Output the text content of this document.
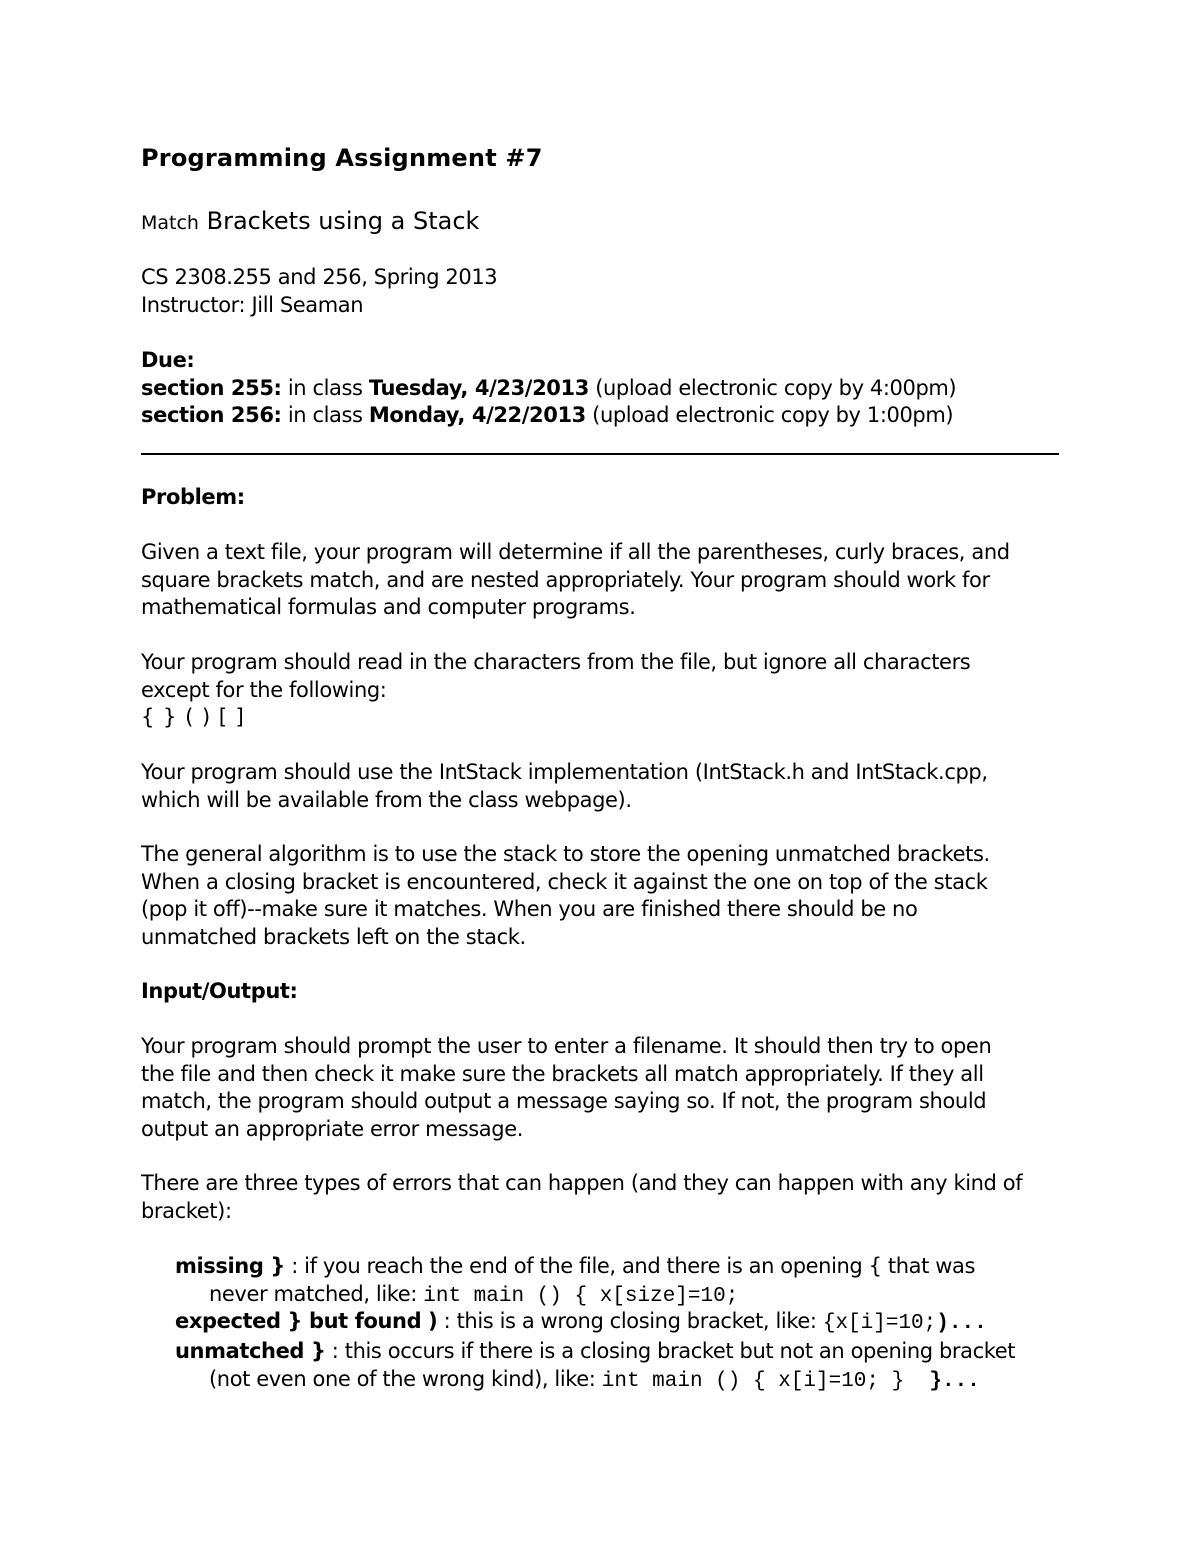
Programming Assignment #7
Match Brackets using a Stack
CS 2308.255 and 256, Spring 2013
Instructor: Jill Seaman
Due:
section 255: in class Tuesday, 4/23/2013 (upload electronic copy by 4:00pm)
section 256: in class Monday, 4/22/2013 (upload electronic copy by 1:00pm)
Problem:
Given a text file, your program will determine if all the parentheses, curly braces, and
square brackets match, and are nested appropriately. Your program should work for
mathematical formulas and computer programs.
Your program should read in the characters from the file, but ignore all characters
except for the following:
{ } ( ) [ ]
Your program should use the IntStack implementation (IntStack.h and IntStack.cpp,
which will be available from the class webpage).
The general algorithm is to use the stack to store the opening unmatched brackets.
When a closing bracket is encountered, check it against the one on top of the stack
(pop it off)--make sure it matches. When you are finished there should be no
unmatched brackets left on the stack.
Input/Output:
Your program should prompt the user to enter a filename. It should then try to open
the file and then check it make sure the brackets all match appropriately. If they all
match, the program should output a message saying so. If not, the program should
output an appropriate error message.
There are three types of errors that can happen (and they can happen with any kind of
bracket):
missing } : if you reach the end of the file, and there is an opening { that was
never matched, like: int main () { x[size]=10;
expected } but found ) : this is a wrong closing bracket, like: {x[i]=10;)...
unmatched } : this occurs if there is a closing bracket but not an opening bracket
(not even one of the wrong kind), like: int main () { x[i]=10; }  }...
